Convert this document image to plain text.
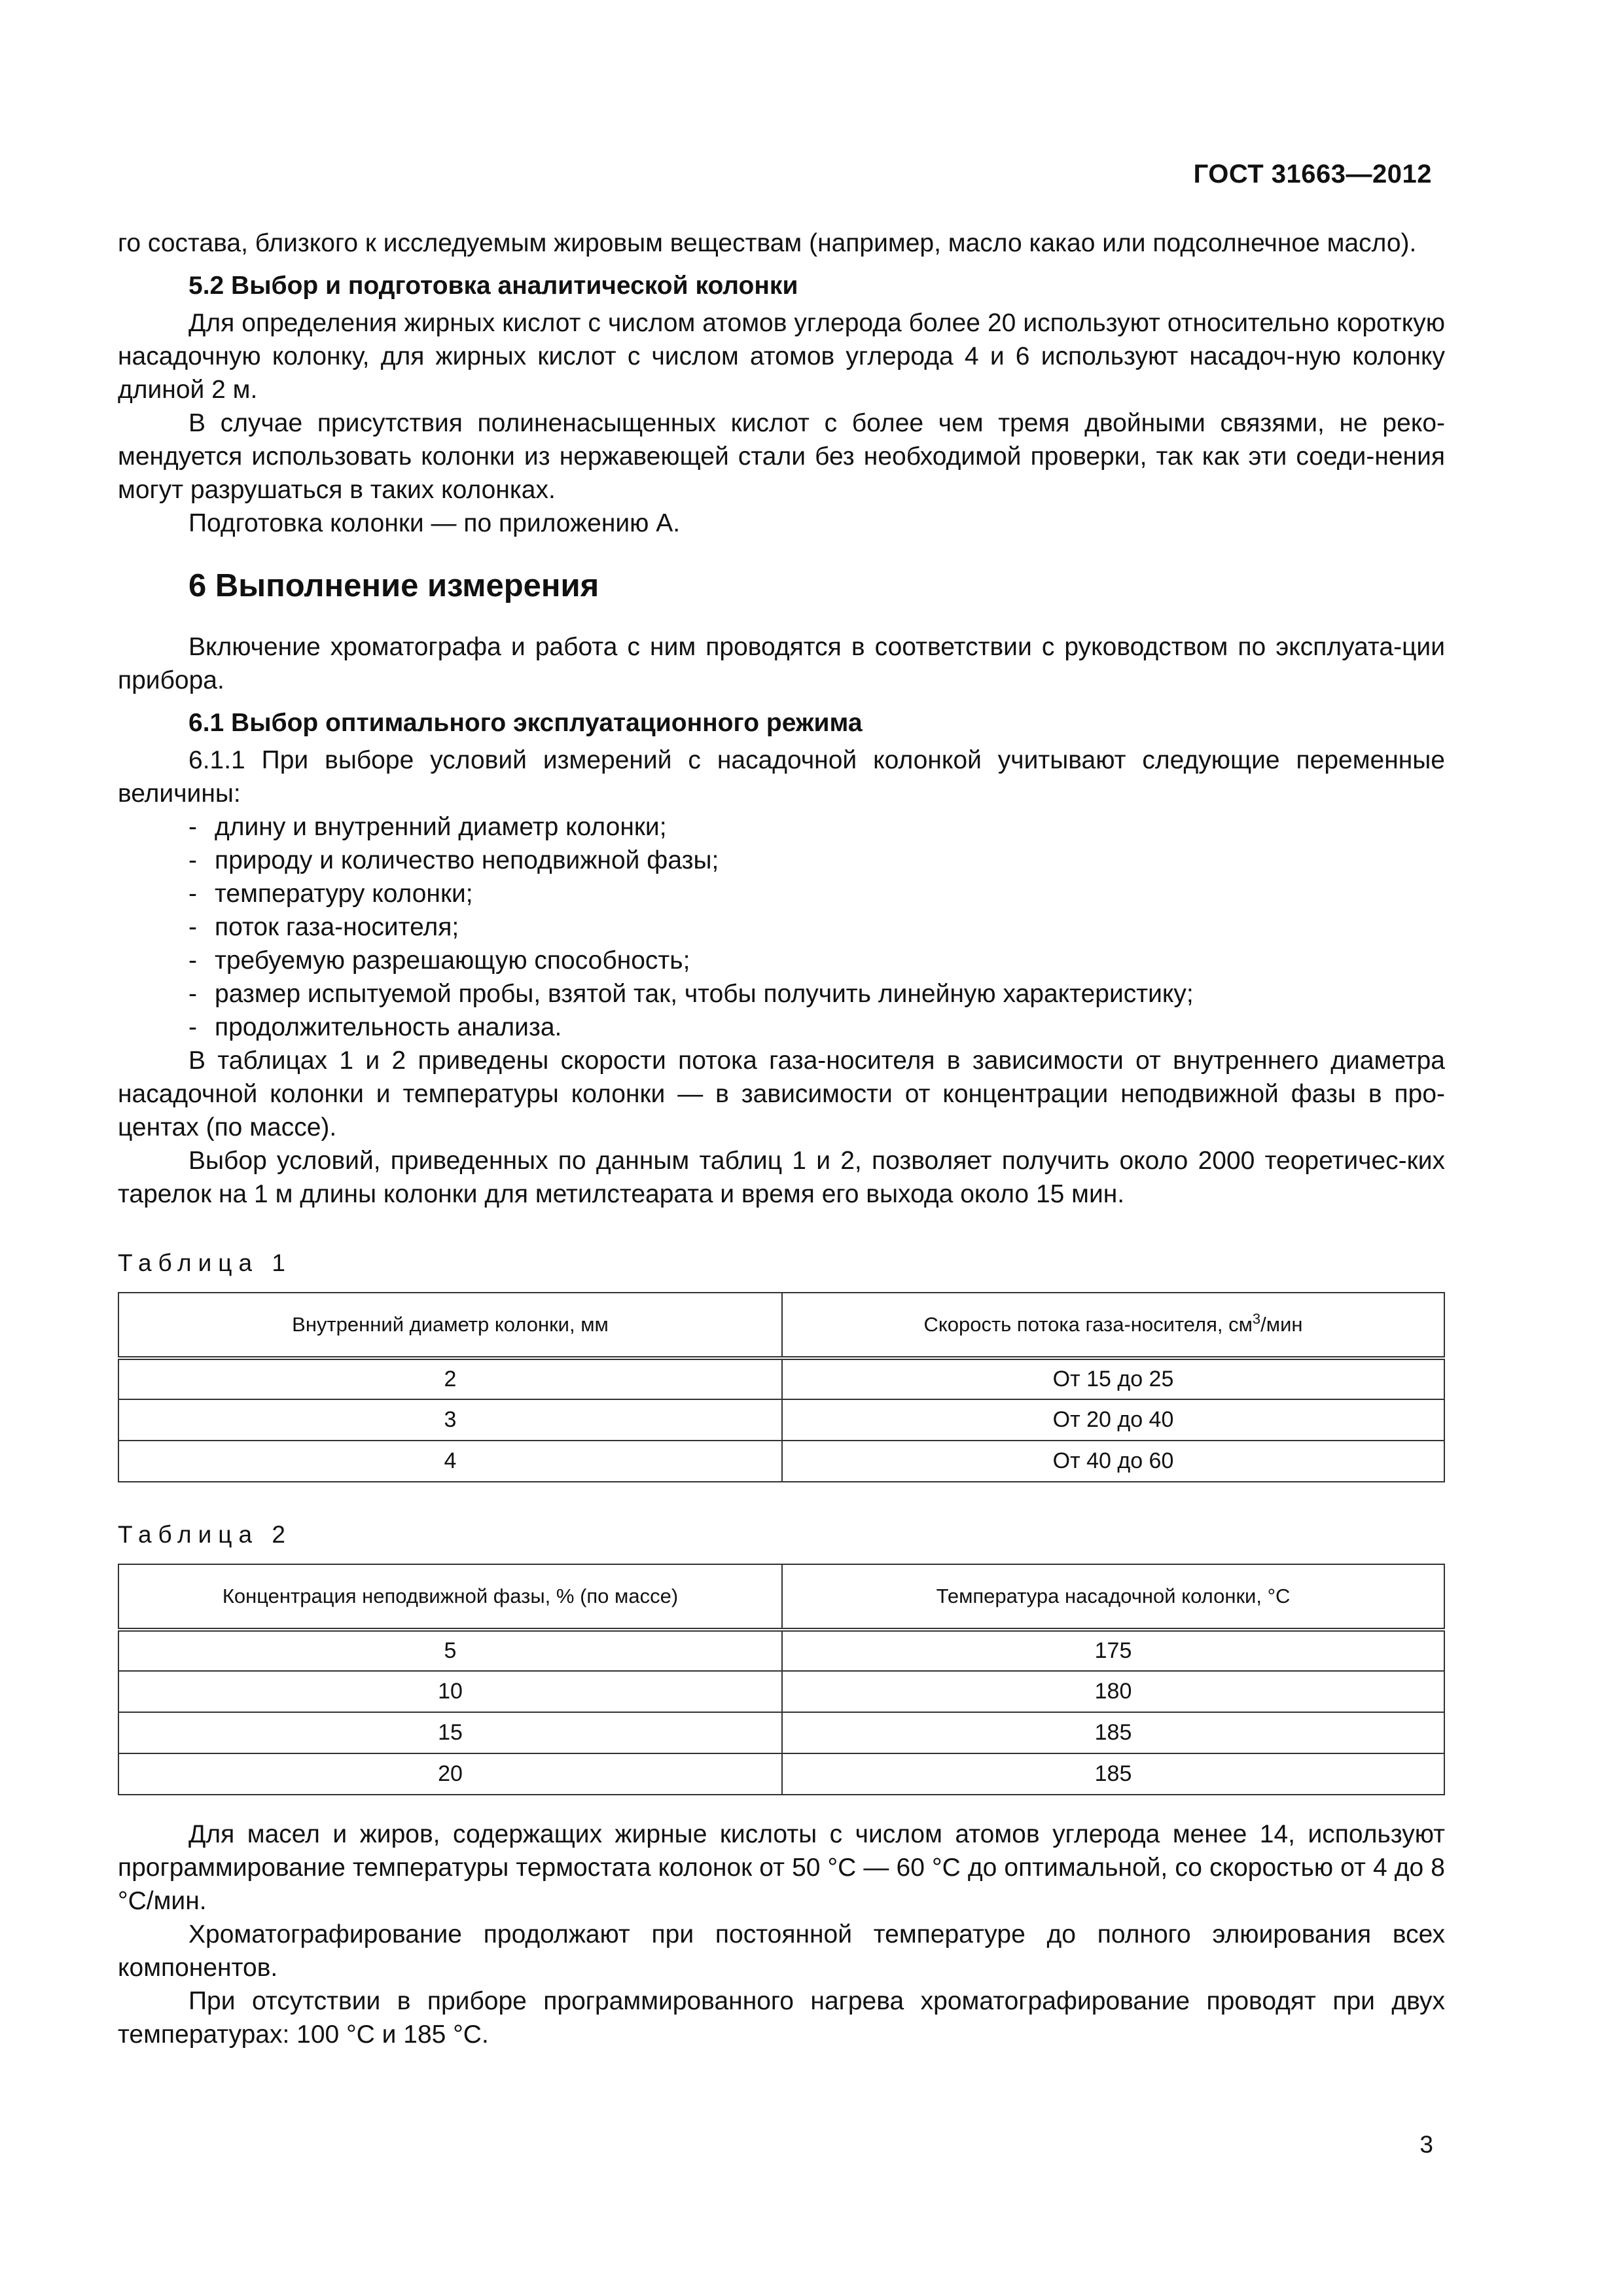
ГОСТ 31663—2012

го состава, близкого к исследуемым жировым веществам (например, масло какао или подсолнечное масло).

5.2 Выбор и подготовка аналитической колонки

Для определения жирных кислот с числом атомов углерода более 20 используют относительно короткую насадочную колонку, для жирных кислот с числом атомов углерода 4 и 6 используют насадоч-ную колонку длиной 2 м.

В случае присутствия полиненасыщенных кислот с более чем тремя двойными связями, не реко-мендуется использовать колонки из нержавеющей стали без необходимой проверки, так как эти соеди-нения могут разрушаться в таких колонках.

Подготовка колонки — по приложению А.

6 Выполнение измерения

Включение хроматографа и работа с ним проводятся в соответствии с руководством по эксплуата-ции прибора.

6.1 Выбор оптимального эксплуатационного режима

6.1.1 При выборе условий измерений с насадочной колонкой учитывают следующие переменные величины:

- длину и внутренний диаметр колонки;
- природу и количество неподвижной фазы;
- температуру колонки;
- поток газа-носителя;
- требуемую разрешающую способность;
- размер испытуемой пробы, взятой так, чтобы получить линейную характеристику;
- продолжительность анализа.

В таблицах 1 и 2 приведены скорости потока газа-носителя в зависимости от внутреннего диаметра насадочной колонки и температуры колонки — в зависимости от концентрации неподвижной фазы в про-центах (по массе).

Выбор условий, приведенных по данным таблиц 1 и 2, позволяет получить около 2000 теоретичес-ких тарелок на 1 м длины колонки для метилстеарата и время его выхода около 15 мин.

Таблица 1
Внутренний диаметр колонки, мм	Скорость потока газа-носителя, $см^3$/мин
2	От 15 до 25
3	От 20 до 40
4	От 40 до 60
Таблица 2
Концентрация неподвижной фазы, % (по массе)	Температура насадочной колонки, °С
5	175
10	180
15	185
20	185

Для масел и жиров, содержащих жирные кислоты с числом атомов углерода менее 14, используют программирование температуры термостата колонок от 50 °С — 60 °С до оптимальной, со скоростью от 4 до 8 °С/мин.

Хроматографирование продолжают при постоянной температуре до полного элюирования всех компонентов.

При отсутствии в приборе программированного нагрева хроматографирование проводят при двух температурах: 100 °С и 185 °С.

3
